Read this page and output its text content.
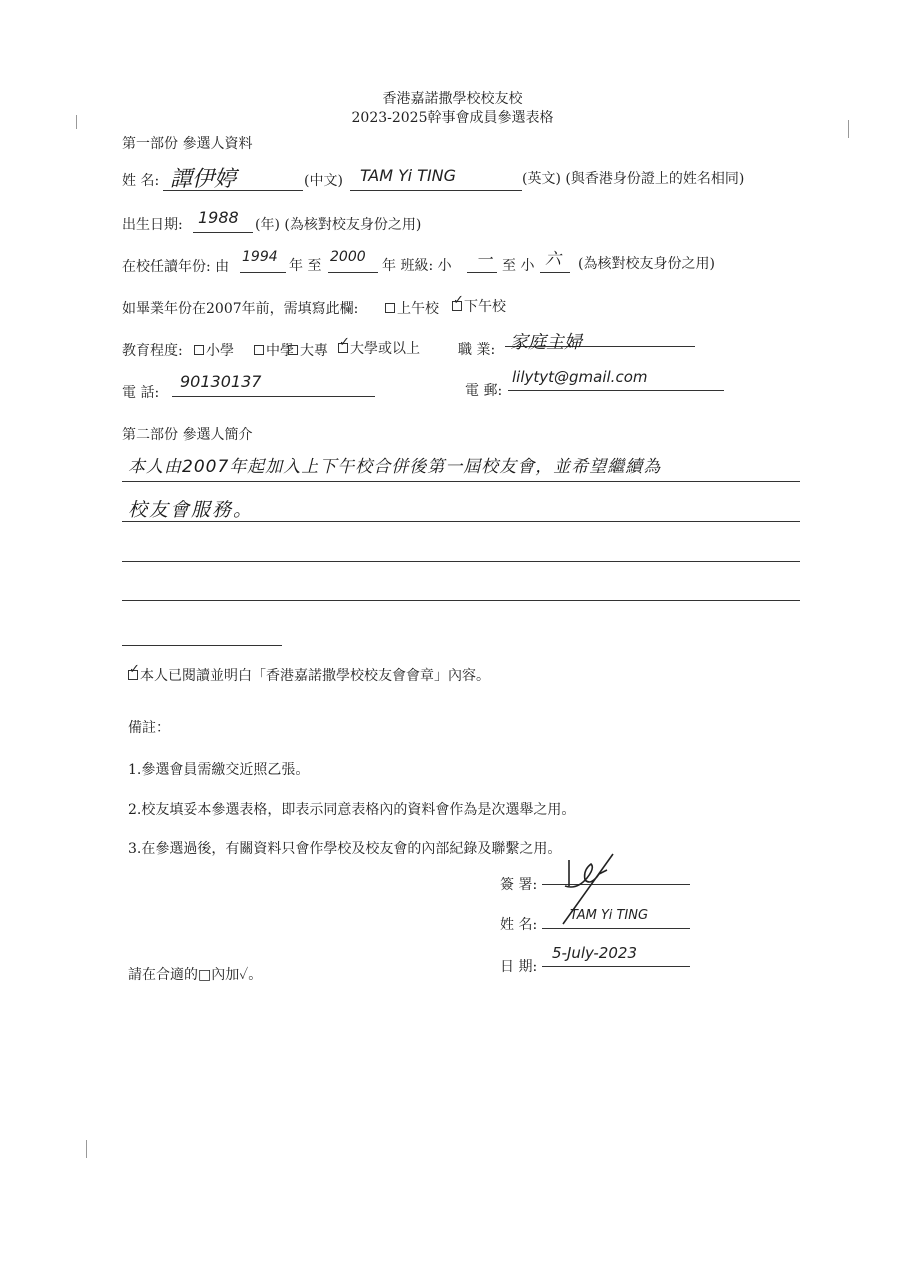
香港嘉諾撒學校校友校
2023-2025幹事會成員參選表格
第一部份 參選人資料
姓 名: 譚伊婷	(中文) TAM Yi TING	(英文) (與香港身份證上的姓名相同)
出生日期: 1988 (年) (為核對校友身份之用)
在校任讀年份: 由
1994
年 至
2000
年 班級: 小 一 至 小 六 (為核對校友身份之用)
如畢業年份在2007年前，需填寫此欄:	上午校 ✓	下午校
教育程度:	小學	中學 大專 ✓	大學或以上	職 業: 家庭主婦
電 話:
90130137	電 郵:
lilytyt@gmail.com
第二部份 參選人簡介
本人由2007年起加入上下午校合併後第一屆校友會，並希望繼續為
校友會服務。
✓本人已閱讀並明白「香港嘉諾撒學校校友會會章」內容。
備註：
1.參選會員需繳交近照乙張。
2.校友填妥本參選表格，即表示同意表格內的資料會作為是次選舉之用。
3.在參選過後，有關資料只會作學校及校友會的內部紀錄及聯繫之用。
簽 署:
姓 名:
TAM Yi TING
日 期:
5-July-2023
請在合適的□內加✓。
